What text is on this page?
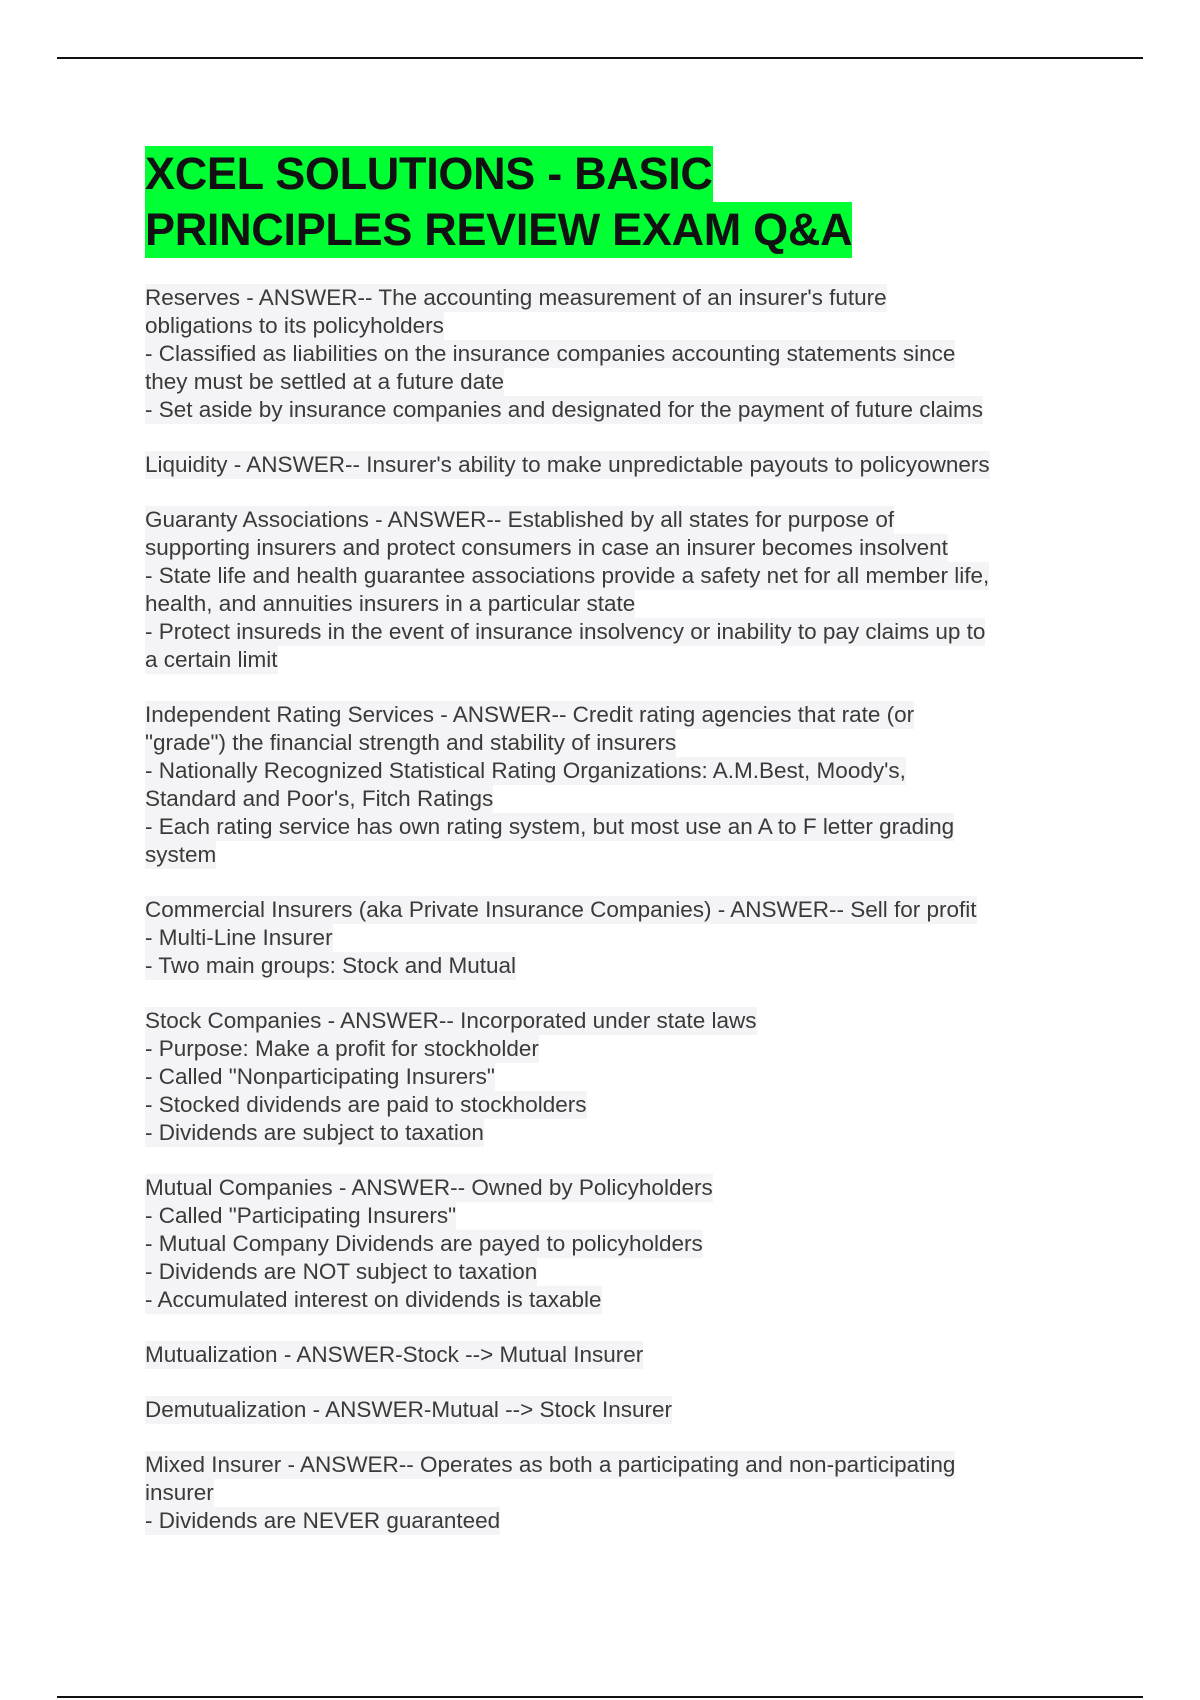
XCEL SOLUTIONS - BASIC
PRINCIPLES REVIEW EXAM Q&A
Reserves - ANSWER-- The accounting measurement of an insurer's future
obligations to its policyholders
- Classified as liabilities on the insurance companies accounting statements since
they must be settled at a future date
- Set aside by insurance companies and designated for the payment of future claims
Liquidity - ANSWER-- Insurer's ability to make unpredictable payouts to policyowners
Guaranty Associations - ANSWER-- Established by all states for purpose of
supporting insurers and protect consumers in case an insurer becomes insolvent
- State life and health guarantee associations provide a safety net for all member life,
health, and annuities insurers in a particular state
- Protect insureds in the event of insurance insolvency or inability to pay claims up to
a certain limit
Independent Rating Services - ANSWER-- Credit rating agencies that rate (or
"grade") the financial strength and stability of insurers
- Nationally Recognized Statistical Rating Organizations: A.M.Best, Moody's,
Standard and Poor's, Fitch Ratings
- Each rating service has own rating system, but most use an A to F letter grading
system
Commercial Insurers (aka Private Insurance Companies) - ANSWER-- Sell for profit
- Multi-Line Insurer
- Two main groups: Stock and Mutual
Stock Companies - ANSWER-- Incorporated under state laws
- Purpose: Make a profit for stockholder
- Called "Nonparticipating Insurers"
- Stocked dividends are paid to stockholders
- Dividends are subject to taxation
Mutual Companies - ANSWER-- Owned by Policyholders
- Called "Participating Insurers"
- Mutual Company Dividends are payed to policyholders
- Dividends are NOT subject to taxation
- Accumulated interest on dividends is taxable
Mutualization - ANSWER-Stock --> Mutual Insurer
Demutualization - ANSWER-Mutual --> Stock Insurer
Mixed Insurer - ANSWER-- Operates as both a participating and non-participating
insurer
- Dividends are NEVER guaranteed
